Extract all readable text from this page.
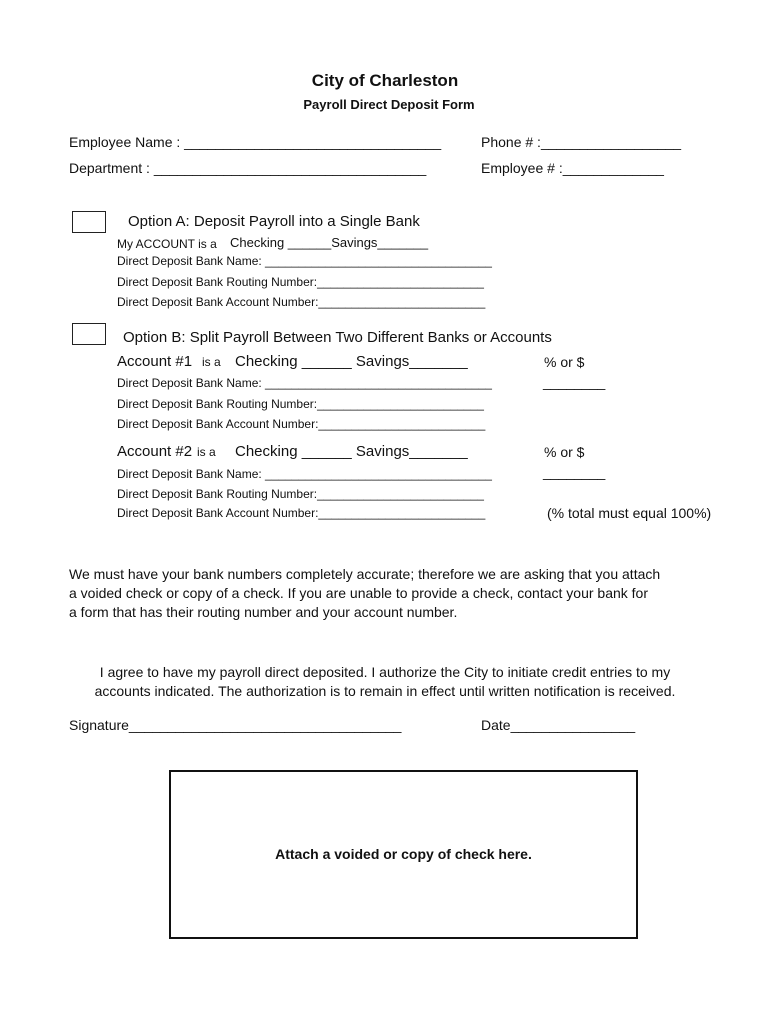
City of Charleston
Payroll Direct Deposit Form
Employee Name : _________________________________	Phone # :__________________
Department : ___________________________________	Employee # :_____________
Option A: Deposit Payroll into a Single Bank
My ACCOUNT is a Checking ______Savings_______
Direct Deposit Bank Name: __________________________________
Direct Deposit Bank Routing Number:_________________________
Direct Deposit Bank Account Number:_________________________
Option B: Split Payroll Between Two Different Banks or Accounts
Account #1 is a Checking ______ Savings_______	% or $
Direct Deposit Bank Name: __________________________________	________
Direct Deposit Bank Routing Number:_________________________
Direct Deposit Bank Account Number:_________________________
Account #2 is a Checking ______ Savings_______	% or $
Direct Deposit Bank Name: __________________________________	________
Direct Deposit Bank Routing Number:_________________________
Direct Deposit Bank Account Number:_________________________	(% total must equal 100%)
We must have your bank numbers completely accurate; therefore we are asking that you attach
a voided check or copy of a check. If you are unable to provide a check, contact your bank for
a form that has their routing number and your account number.
I agree to have my payroll direct deposited. I authorize the City to initiate credit entries to my
accounts indicated. The authorization is to remain in effect until written notification is received.
Signature___________________________________	Date________________
Attach a voided or copy of check here.
